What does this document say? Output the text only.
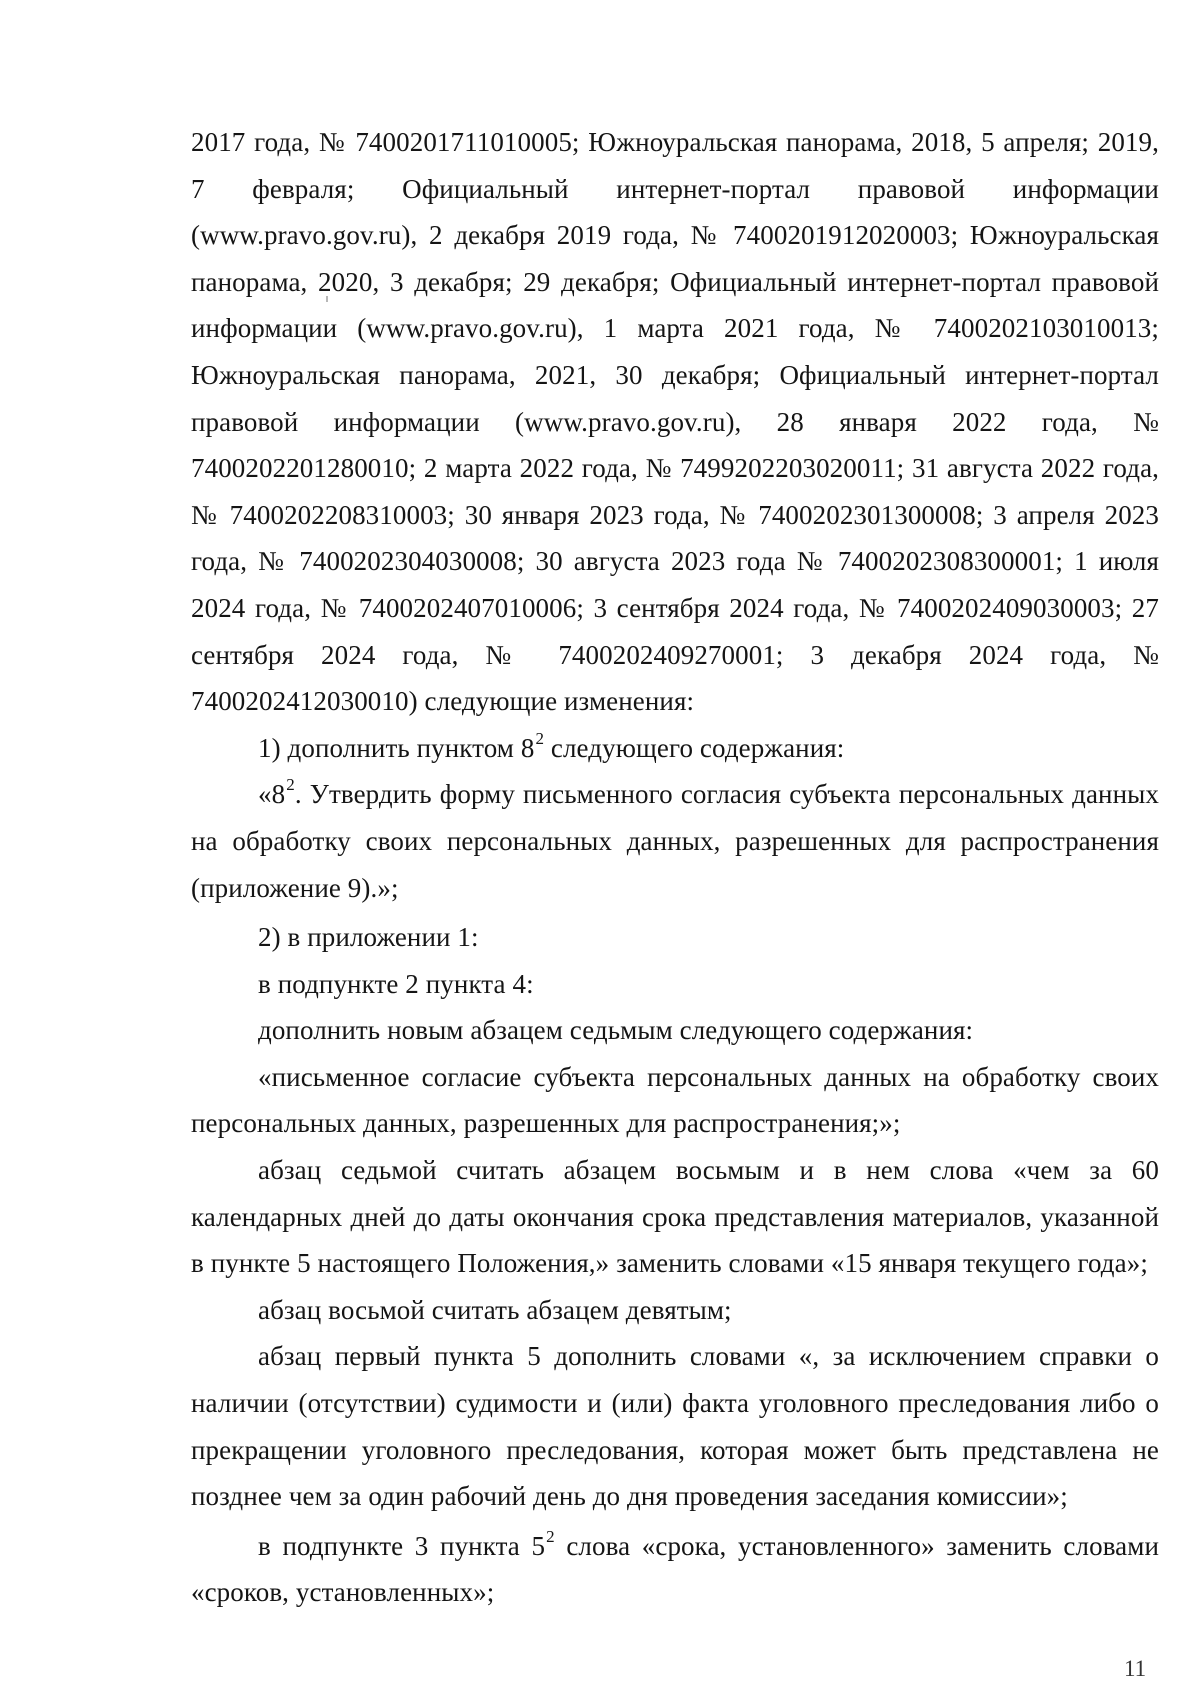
2017 года, № 7400201711010005; Южноуральская панорама, 2018, 5 апреля; 2019, 7 февраля; Официальный интернет-портал правовой информации (www.pravo.gov.ru), 2 декабря 2019 года, № 7400201912020003; Южноуральская панорама, 2020, 3 декабря; 29 декабря; Официальный интернет-портал правовой информации (www.pravo.gov.ru), 1 марта 2021 года, № 7400202103010013; Южноуральская панорама, 2021, 30 декабря; Официальный интернет-портал правовой информации (www.pravo.gov.ru), 28 января 2022 года, № 7400202201280010; 2 марта 2022 года, № 7499202203020011; 31 августа 2022 года, № 7400202208310003; 30 января 2023 года, № 7400202301300008; 3 апреля 2023 года, № 7400202304030008; 30 августа 2023 года № 7400202308300001; 1 июля 2024 года, № 7400202407010006; 3 сентября 2024 года, № 7400202409030003; 27 сентября 2024 года, № 7400202409270001; 3 декабря 2024 года, № 7400202412030010) следующие изменения:

1) дополнить пунктом $8^2$ следующего содержания:

«$8^2$. Утвердить форму письменного согласия субъекта персональных данных на обработку своих персональных данных, разрешенных для распространения (приложение 9).»;

2) в приложении 1:

в подпункте 2 пункта 4:

дополнить новым абзацем седьмым следующего содержания:

«письменное согласие субъекта персональных данных на обработку своих персональных данных, разрешенных для распространения;»;

абзац седьмой считать абзацем восьмым и в нем слова «чем за 60 календарных дней до даты окончания срока представления материалов, указанной в пункте 5 настоящего Положения,» заменить словами «15 января текущего года»;

абзац восьмой считать абзацем девятым;

абзац первый пункта 5 дополнить словами «, за исключением справки о наличии (отсутствии) судимости и (или) факта уголовного преследования либо о прекращении уголовного преследования, которая может быть представлена не позднее чем за один рабочий день до дня проведения заседания комиссии»;

в подпункте 3 пункта $5^2$ слова «срока, установленного» заменить словами «сроков, установленных»;

11
